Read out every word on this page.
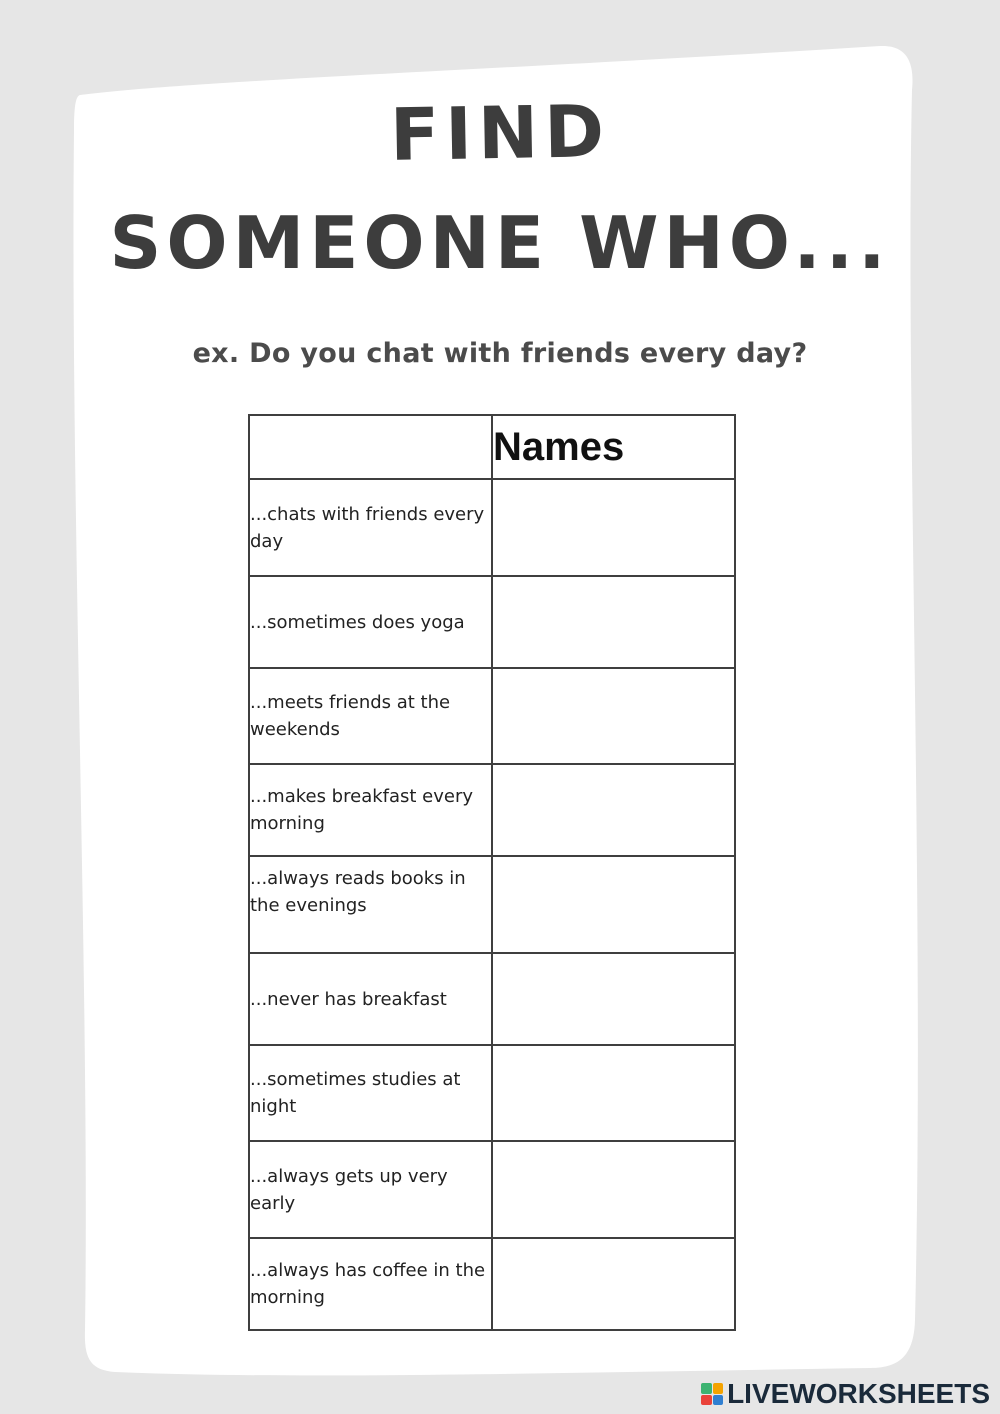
FIND
SOMEONE WHO...
ex. Do you chat with friends every day?
	Names
...chats with friends every day	
...sometimes does yoga	
...meets friends at the weekends	
...makes breakfast every morning	
...always reads books in the evenings	
...never has breakfast	
...sometimes studies at night	
...always gets up very early	
...always has coffee in the morning	
LIVEWORKSHEETS
